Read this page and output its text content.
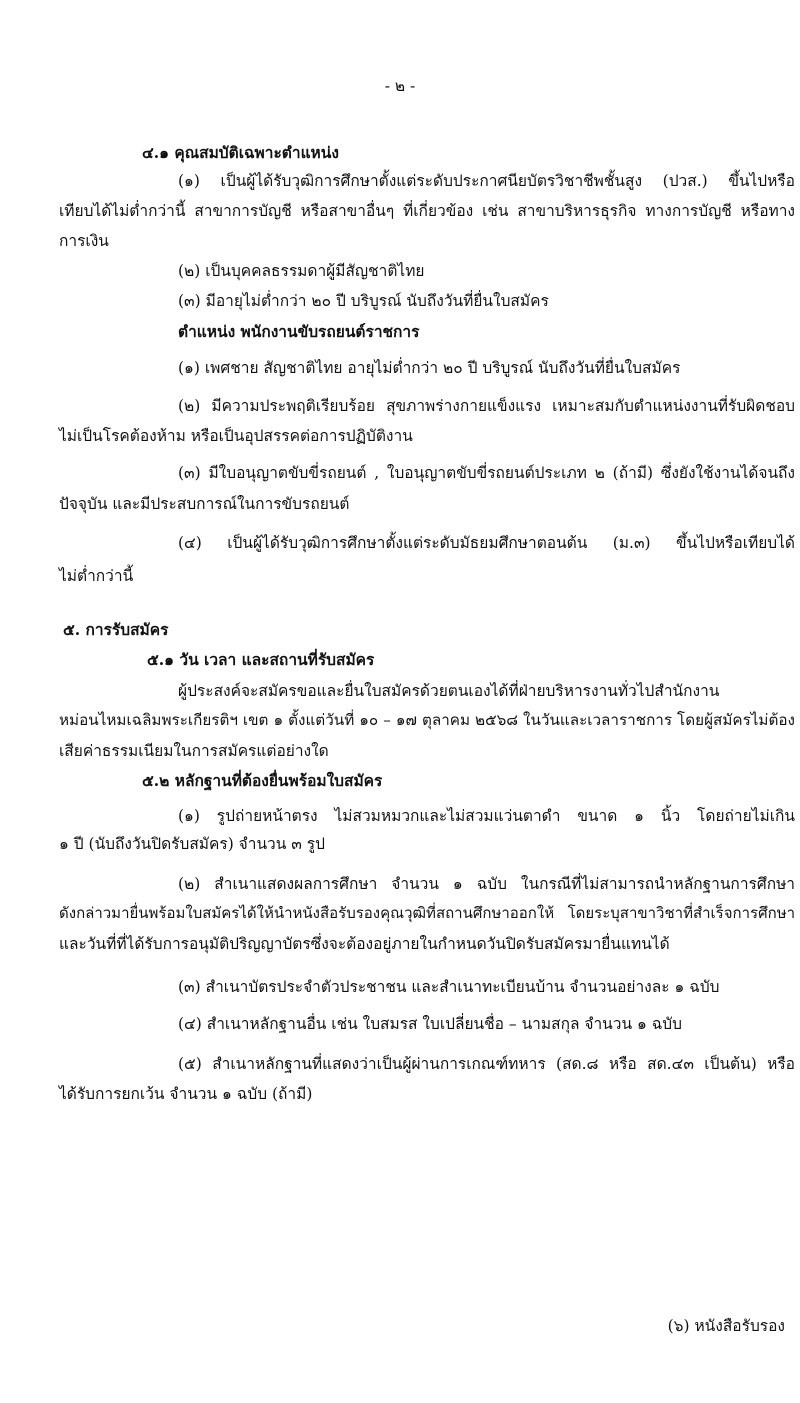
- ๒ -
๔.๑ คุณสมบัติเฉพาะตำแหน่ง
(๑) เป็นผู้ได้รับวุฒิการศึกษาตั้งแต่ระดับประกาศนียบัตรวิชาชีพชั้นสูง (ปวส.) ขึ้นไปหรือ
เทียบได้ไม่ต่ำกว่านี้ สาขาการบัญชี หรือสาขาอื่นๆ ที่เกี่ยวข้อง เช่น สาขาบริหารธุรกิจ ทางการบัญชี หรือทาง
การเงิน
(๒) เป็นบุคคลธรรมดาผู้มีสัญชาติไทย
(๓) มีอายุไม่ต่ำกว่า ๒๐ ปี บริบูรณ์ นับถึงวันที่ยื่นใบสมัคร
ตำแหน่ง พนักงานขับรถยนต์ราชการ
(๑) เพศชาย สัญชาติไทย อายุไม่ต่ำกว่า ๒๐ ปี บริบูรณ์ นับถึงวันที่ยื่นใบสมัคร
(๒) มีความประพฤติเรียบร้อย สุขภาพร่างกายแข็งแรง เหมาะสมกับตำแหน่งงานที่รับผิดชอบ
ไม่เป็นโรคต้องห้าม หรือเป็นอุปสรรคต่อการปฏิบัติงาน
(๓) มีใบอนุญาตขับขี่รถยนต์ , ใบอนุญาตขับขี่รถยนต์ประเภท ๒ (ถ้ามี) ซึ่งยังใช้งานได้จนถึง
ปัจจุบัน และมีประสบการณ์ในการขับรถยนต์
(๔) เป็นผู้ได้รับวุฒิการศึกษาตั้งแต่ระดับมัธยมศึกษาตอนต้น (ม.๓) ขึ้นไปหรือเทียบได้
ไม่ต่ำกว่านี้
๕. การรับสมัคร
๕.๑ วัน เวลา และสถานที่รับสมัคร
ผู้ประสงค์จะสมัครขอและยื่นใบสมัครด้วยตนเองได้ที่ฝ่ายบริหารงานทั่วไปสำนักงาน
หม่อนไหมเฉลิมพระเกียรติฯ เขต ๑ ตั้งแต่วันที่ ๑๐ – ๑๗ ตุลาคม ๒๕๖๘ ในวันและเวลาราชการ โดยผู้สมัครไม่ต้อง
เสียค่าธรรมเนียมในการสมัครแต่อย่างใด
๕.๒ หลักฐานที่ต้องยื่นพร้อมใบสมัคร
(๑) รูปถ่ายหน้าตรง ไม่สวมหมวกและไม่สวมแว่นตาดำ ขนาด ๑ นิ้ว โดยถ่ายไม่เกิน
๑ ปี (นับถึงวันปิดรับสมัคร) จำนวน ๓ รูป
(๒) สำเนาแสดงผลการศึกษา จำนวน ๑ ฉบับ ในกรณีที่ไม่สามารถนำหลักฐานการศึกษา
ดังกล่าวมายื่นพร้อมใบสมัครได้ให้นำหนังสือรับรองคุณวุฒิที่สถานศึกษาออกให้ โดยระบุสาขาวิชาที่สำเร็จการศึกษา
และวันที่ที่ได้รับการอนุมัติปริญญาบัตรซึ่งจะต้องอยู่ภายในกำหนดวันปิดรับสมัครมายื่นแทนได้
(๓) สำเนาบัตรประจำตัวประชาชน และสำเนาทะเบียนบ้าน จำนวนอย่างละ ๑ ฉบับ
(๔) สำเนาหลักฐานอื่น เช่น ใบสมรส ใบเปลี่ยนชื่อ – นามสกุล จำนวน ๑ ฉบับ
(๕) สำเนาหลักฐานที่แสดงว่าเป็นผู้ผ่านการเกณฑ์ทหาร (สด.๘ หรือ สด.๔๓ เป็นต้น) หรือ
ได้รับการยกเว้น จำนวน ๑ ฉบับ (ถ้ามี)
(๖) หนังสือรับรอง
